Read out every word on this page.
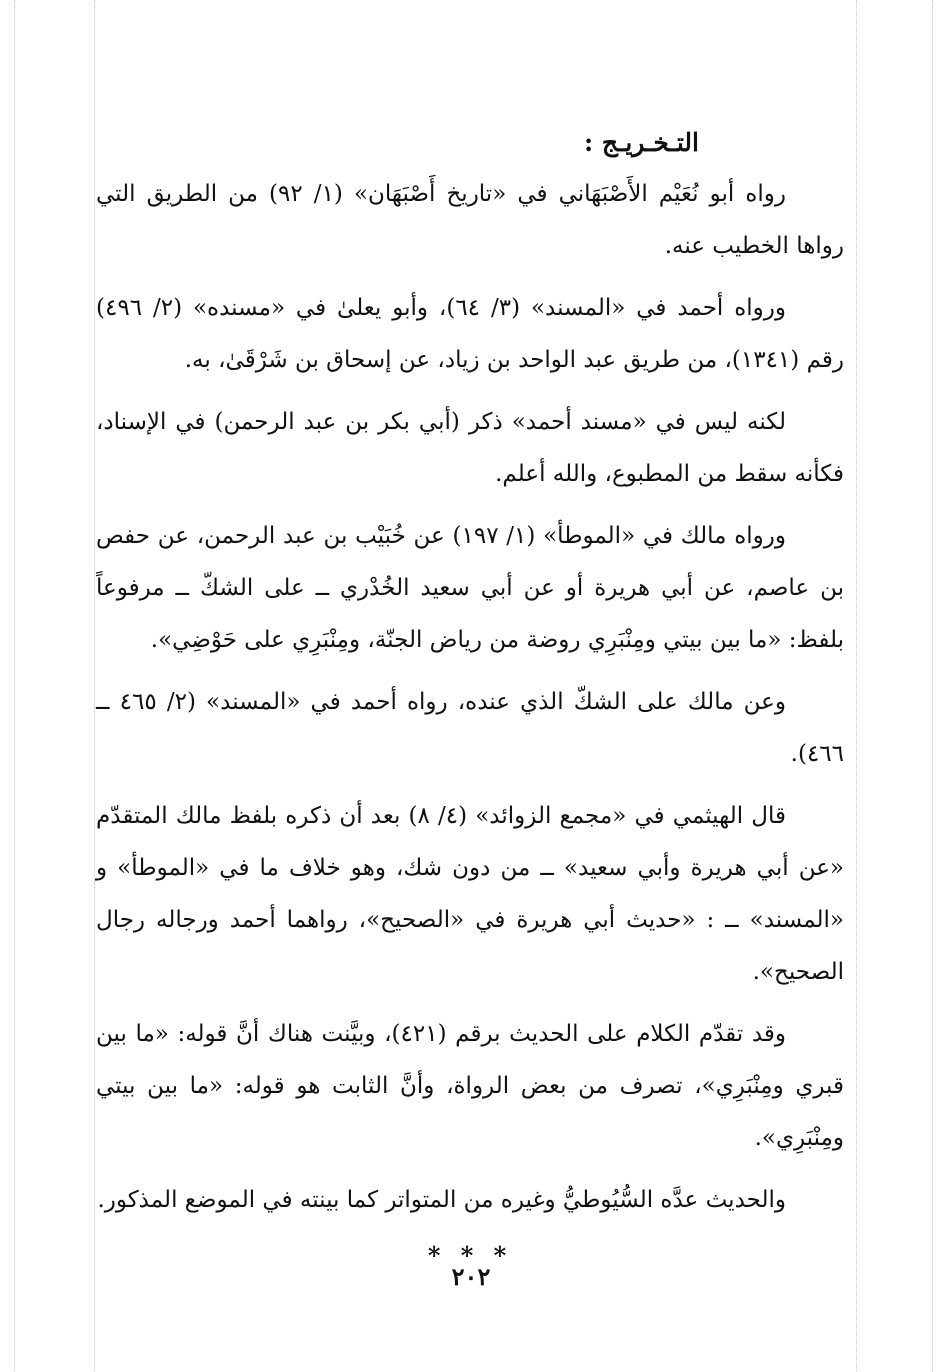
التـخـريـج :

رواه أبو نُعَيْم الأَصْبَهَاني في «تاريخ أَصْبَهَان» (١/ ٩٢) من الطريق التي رواها الخطيب عنه.

ورواه أحمد في «المسند» (٣/ ٦٤)، وأبو يعلىٰ في «مسنده» (٢/ ٤٩٦) رقم (١٣٤١)، من طريق عبد الواحد بن زياد، عن إسحاق بن شَرْقَىٰ، به.

لكنه ليس في «مسند أحمد» ذكر (أبي بكر بن عبد الرحمن) في الإسناد، فكأنه سقط من المطبوع، والله أعلم.

ورواه مالك في «الموطأ» (١/ ١٩٧) عن خُبَيْب بن عبد الرحمن، عن حفص بن عاصم، عن أبي هريرة أو عن أبي سعيد الخُدْري ــ على الشكّ ــ مرفوعاً بلفظ: «ما بين بيتي ومِنْبَرِي روضة من رياض الجنّة، ومِنْبَرِي على حَوْضِي».

وعن مالك على الشكّ الذي عنده، رواه أحمد في «المسند» (٢/ ٤٦٥ ــ ٤٦٦).

قال الهيثمي في «مجمع الزوائد» (٤/ ٨) بعد أن ذكره بلفظ مالك المتقدّم «عن أبي هريرة وأبي سعيد» ــ من دون شك، وهو خلاف ما في «الموطأ» و «المسند» ــ : «حديث أبي هريرة في «الصحيح»، رواهما أحمد ورجاله رجال الصحيح».

وقد تقدّم الكلام على الحديث برقم (٤٢١)، وبيَّنت هناك أنَّ قوله: «ما بين قبري ومِنْبَرِي»، تصرف من بعض الرواة، وأنَّ الثابت هو قوله: «ما بين بيتي ومِنْبَرِي».

والحديث عدَّه السُّيُوطيُّ وغيره من المتواتر كما بينته في الموضع المذكور.

* * *
٢٠٢
